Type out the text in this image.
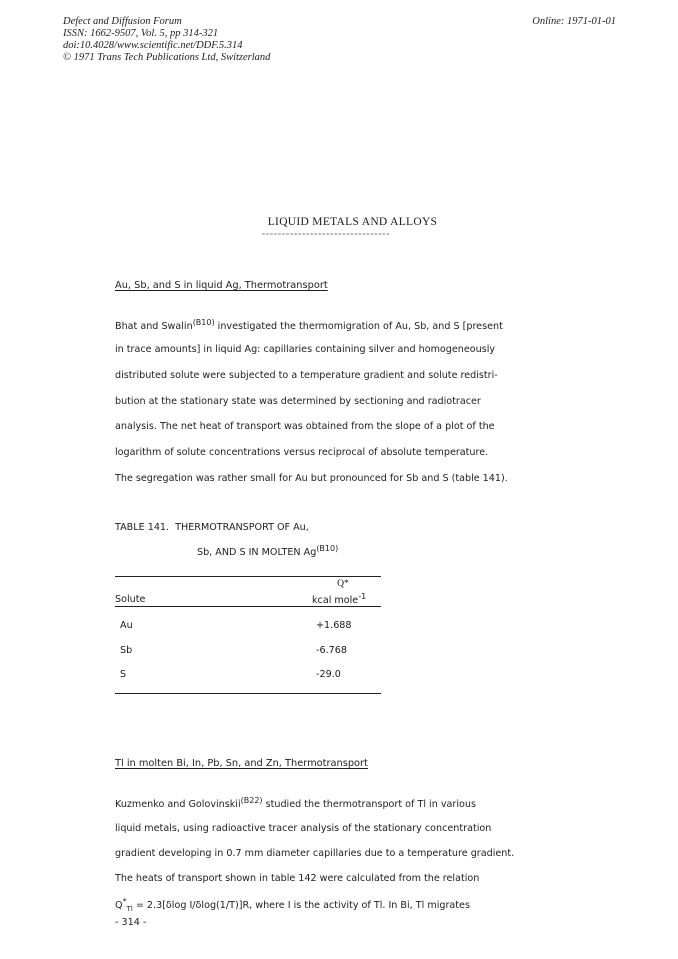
Defect and Diffusion Forum
ISSN: 1662-9507, Vol. 5, pp 314-321
doi:10.4028/www.scientific.net/DDF.5.314
© 1971 Trans Tech Publications Ltd, Switzerland
Online: 1971-01-01
LIQUID METALS AND ALLOYS
================================
Au, Sb, and S in liquid Ag, Thermotransport
Bhat and Swalin$^{(B10)}$ investigated the thermomigration of Au, Sb, and S [present
in trace amounts] in liquid Ag: capillaries containing silver and homogeneously
distributed solute were subjected to a temperature gradient and solute redistri-
bution at the stationary state was determined by sectioning and radiotracer
analysis. The net heat of transport was obtained from the slope of a plot of the
logarithm of solute concentrations versus reciprocal of absolute temperature.
The segregation was rather small for Au but pronounced for Sb and S (table 141).
TABLE 141.  THERMOTRANSPORT OF Au,
Sb, AND S IN MOLTEN $Ag^{(B10)}$
Q*
Solute	kcal mole$^{-1}$
Au	+1.688
Sb	-6.768
S	-29.0
Tl in molten Bi, In, Pb, Sn, and Zn, Thermotransport
Kuzmenko and Golovinskii$^{(B22)}$ studied the thermotransport of Tl in various
liquid metals, using radioactive tracer analysis of the stationary concentration
gradient developing in 0.7 mm diameter capillaries due to a temperature gradient.
The heats of transport shown in table 142 were calculated from the relation
$Q^*_{Tl} = 2.3[\delta\log$ I/δlog(1/T)]R, where I is the activity of Tl. In Bi, Tl migrates
- 314 -
